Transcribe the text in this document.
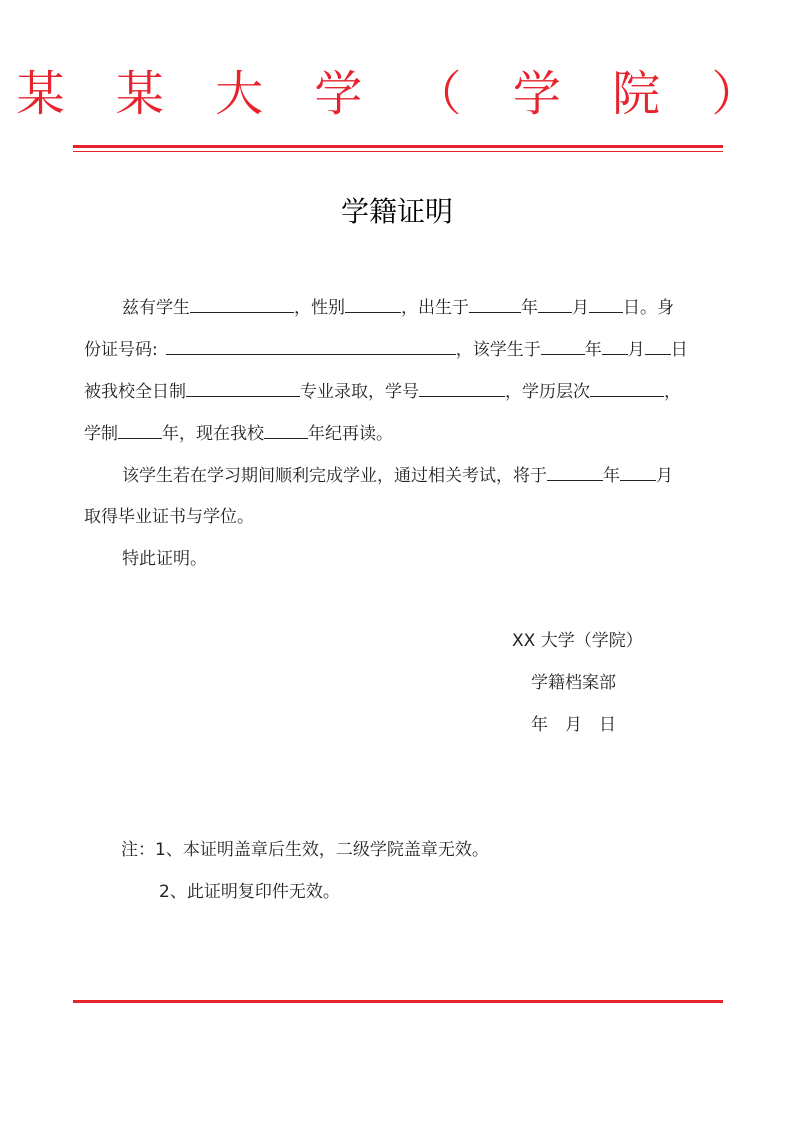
某 某 大 学 （ 学 院 ）
学籍证明
兹有学生	，性别	，出生于	年 月 日。身
份证号码:	，该学生于	年 月 日
被我校全日制	专业录取，学号	，学历层次	，
学制	年，现在我校	年纪再读。
该学生若在学习期间顺利完成学业，通过相关考试，将于	年 月
取得毕业证书与学位。
特此证明。
XX 大学（学院）
学籍档案部
年　月　日
注：1、本证明盖章后生效，二级学院盖章无效。
2、此证明复印件无效。
